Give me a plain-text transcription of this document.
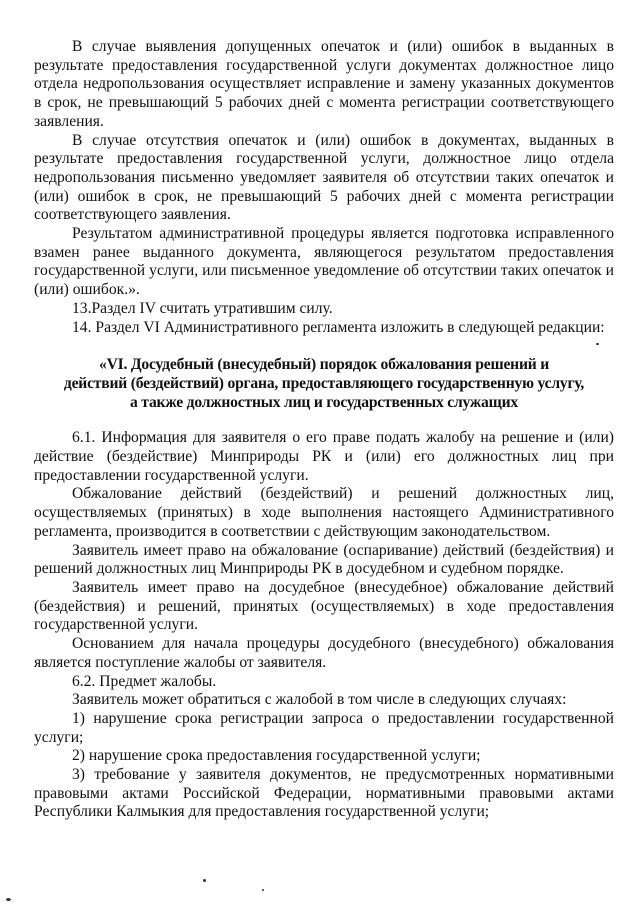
В случае выявления допущенных опечаток и (или) ошибок в выданных в результате предоставления государственной услуги документах должностное лицо отдела недропользования осуществляет исправление и замену указанных документов в срок, не превышающий 5 рабочих дней с момента регистрации соответствующего заявления.

В случае отсутствия опечаток и (или) ошибок в документах, выданных в результате предоставления государственной услуги, должностное лицо отдела недропользования письменно уведомляет заявителя об отсутствии таких опечаток и (или) ошибок в срок, не превышающий 5 рабочих дней с момента регистрации соответствующего заявления.

Результатом административной процедуры является подготовка исправленного взамен ранее выданного документа, являющегося результатом предоставления государственной услуги, или письменное уведомление об отсутствии таких опечаток и (или) ошибок.».

13.Раздел IV считать утратившим силу.

14. Раздел VI Административного регламента изложить в следующей редакции:

«VI. Досудебный (внесудебный) порядок обжалования решений и

действий (бездействий) органа, предоставляющего государственную услугу,

а также должностных лиц и государственных служащих

6.1. Информация для заявителя о его праве подать жалобу на решение и (или) действие (бездействие) Минприроды РК и (или) его должностных лиц при предоставлении государственной услуги.

Обжалование действий (бездействий) и решений должностных лиц, осуществляемых (принятых) в ходе выполнения настоящего Административного регламента, производится в соответствии с действующим законодательством.

Заявитель имеет право на обжалование (оспаривание) действий (бездействия) и решений должностных лиц Минприроды РК в досудебном и судебном порядке.

Заявитель имеет право на досудебное (внесудебное) обжалование действий (бездействия) и решений, принятых (осуществляемых) в ходе предоставления государственной услуги.

Основанием для начала процедуры досудебного (внесудебного) обжалования является поступление жалобы от заявителя.

6.2. Предмет жалобы.

Заявитель может обратиться с жалобой в том числе в следующих случаях:

1) нарушение срока регистрации запроса о предоставлении государственной услуги;

2) нарушение срока предоставления государственной услуги;

3) требование у заявителя документов, не предусмотренных нормативными правовыми актами Российской Федерации, нормативными правовыми актами Республики Калмыкия для предоставления государственной услуги;
